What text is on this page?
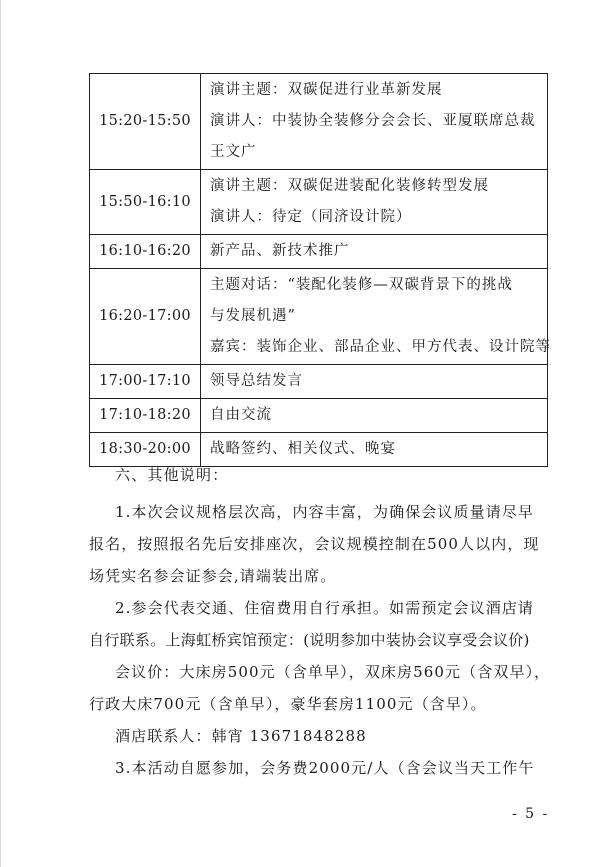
15:20-15:50	演讲主题：双碳促进行业革新发展
演讲人：中装协全装修分会会长、亚厦联席总裁
王文广

15:50-16:10	演讲主题：双碳促进装配化装修转型发展
演讲人：待定（同济设计院）

16:10-16:20	新产品、新技术推广

16:20-17:00	主题对话：“装配化装修—双碳背景下的挑战
与发展机遇”
嘉宾：装饰企业、部品企业、甲方代表、设计院等

17:00-17:10	领导总结发言

17:10-18:20	自由交流

18:30-20:00	战略签约、相关仪式、晚宴
六、其他说明：
1.本次会议规格层次高，内容丰富，为确保会议质量请尽早
报名，按照报名先后安排座次，会议规模控制在500人以内，现
场凭实名参会证参会,请端装出席。
2.参会代表交通、住宿费用自行承担。如需预定会议酒店请
自行联系。上海虹桥宾馆预定：(说明参加中装协会议享受会议价)
会议价：大床房500元（含单早），双床房560元（含双早），
行政大床700元（含单早），豪华套房1100元（含早）。
酒店联系人：韩宵 13671848288
3.本活动自愿参加，会务费2000元/人（含会议当天工作午
- 5 -
